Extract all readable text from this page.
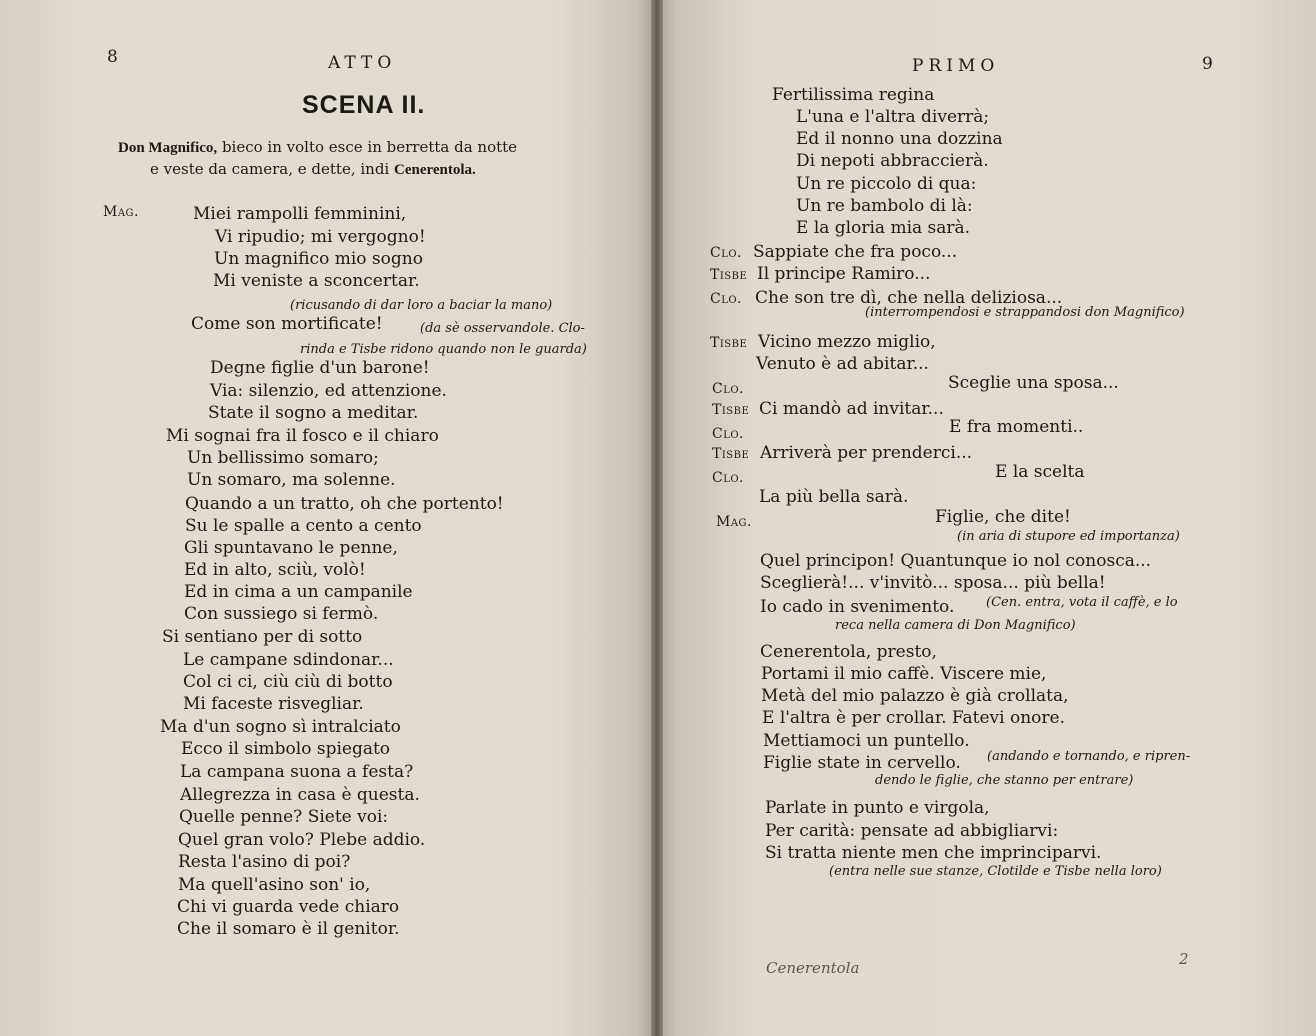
8	ATTO
SCENA II.
Don Magnifico, bieco in volto esce in berretta da notte
e veste da camera, e dette, indi Cenerentola.
Mag.	Miei rampolli femminini,
Vi ripudio; mi vergogno!
Un magnifico mio sogno
Mi veniste a sconcertar.
(ricusando di dar loro a baciar la mano)
Come son mortificate!	(da sè osservandole. Clo-
rinda e Tisbe ridono quando non le guarda)
Degne figlie d'un barone!
Via: silenzio, ed attenzione.
State il sogno a meditar.
Mi sognai fra il fosco e il chiaro
Un bellissimo somaro;
Un somaro, ma solenne.
Quando a un tratto, oh che portento!
Su le spalle a cento a cento
Gli spuntavano le penne,
Ed in alto, sciù, volò!
Ed in cima a un campanile
Con sussiego si fermò.
Si sentiano per di sotto
Le campane sdindonar...
Col ci ci, ciù ciù di botto
Mi faceste risvegliar.
Ma d'un sogno sì intralciato
Ecco il simbolo spiegato
La campana suona a festa?
Allegrezza in casa è questa.
Quelle penne? Siete voi:
Quel gran volo? Plebe addio.
Resta l'asino di poi?
Ma quell'asino son' io,
Chi vi guarda vede chiaro
Che il somaro è il genitor.
PRIMO	9
Fertilissima regina
L'una e l'altra diverrà;
Ed il nonno una dozzina
Di nepoti abbraccierà.
Un re piccolo di qua:
Un re bambolo di là:
E la gloria mia sarà.
Clo. Sappiate che fra poco...
Tisbe Il principe Ramiro...
Clo. Che son tre dì, che nella deliziosa...
(interrompendosi e strappandosi don Magnifico)
Tisbe Vicino mezzo miglio,
Venuto è ad abitar...
Clo.	Sceglie una sposa...
Tisbe Ci mandò ad invitar...
Clo.	E fra momenti..
Tisbe Arriverà per prenderci...
Clo.	E la scelta
La più bella sarà.
Mag.	Figlie, che dite!
(in aria di stupore ed importanza)
Quel principon! Quantunque io nol conosca...
Sceglierà!... v'invitò... sposa... più bella!
Io cado in svenimento. (Cen. entra, vota il caffè, e lo
reca nella camera di Don Magnifico)
Cenerentola, presto,
Portami il mio caffè. Viscere mie,
Metà del mio palazzo è già crollata,
E l'altra è per crollar. Fatevi onore.
Mettiamoci un puntello.
Figlie state in cervello. (andando e tornando, e ripren-
dendo le figlie, che stanno per entrare)
Parlate in punto e virgola,
Per carità: pensate ad abbigliarvi:
Si tratta niente men che imprinciparvi.
(entra nelle sue stanze, Clotilde e Tisbe nella loro)
Cenerentola	2
